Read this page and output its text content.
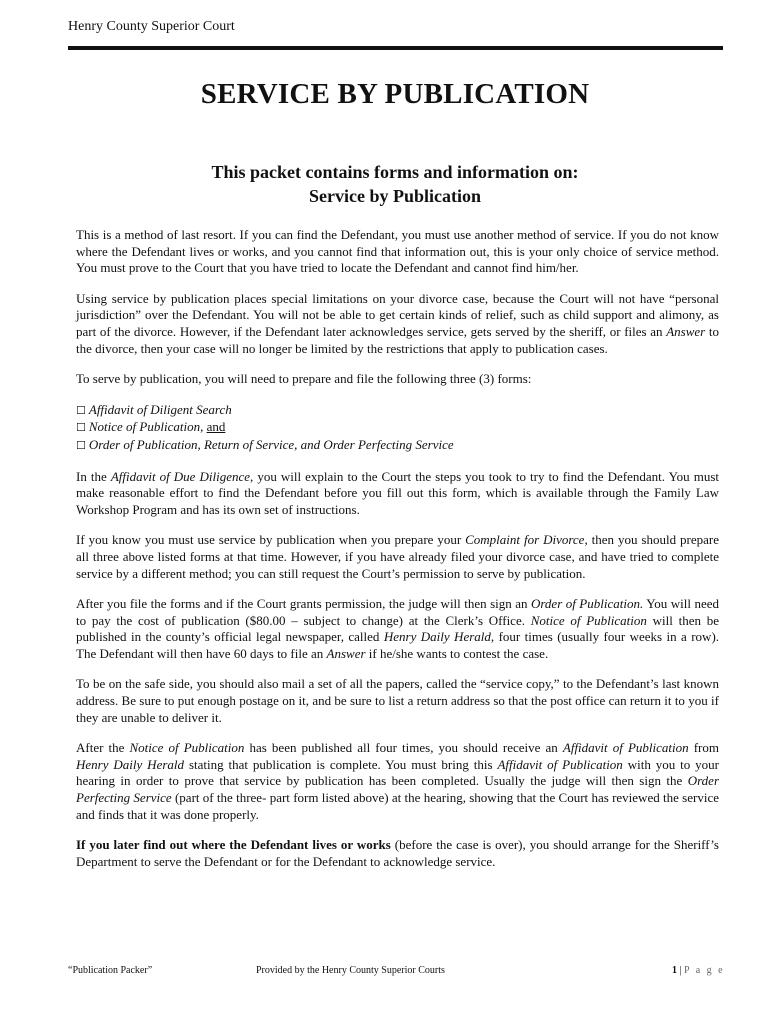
Henry County Superior Court
SERVICE BY PUBLICATION
This packet contains forms and information on:
Service by Publication

This is a method of last resort. If you can find the Defendant, you must use another method of service. If you do not know where the Defendant lives or works, and you cannot find that information out, this is your only choice of service method. You must prove to the Court that you have tried to locate the Defendant and cannot find him/her.

Using service by publication places special limitations on your divorce case, because the Court will not have “personal jurisdiction” over the Defendant. You will not be able to get certain kinds of relief, such as child support and alimony, as part of the divorce. However, if the Defendant later acknowledges service, gets served by the sheriff, or files an Answer to the divorce, then your case will no longer be limited by the restrictions that apply to publication cases.

To serve by publication, you will need to prepare and file the following three (3) forms:

☐ Affidavit of Diligent Search
☐ Notice of Publication, and
☐ Order of Publication, Return of Service, and Order Perfecting Service

In the Affidavit of Due Diligence, you will explain to the Court the steps you took to try to find the Defendant. You must make reasonable effort to find the Defendant before you fill out this form, which is available through the Family Law Workshop Program and has its own set of instructions.

If you know you must use service by publication when you prepare your Complaint for Divorce, then you should prepare all three above listed forms at that time. However, if you have already filed your divorce case, and have tried to complete service by a different method; you can still request the Court’s permission to serve by publication.

After you file the forms and if the Court grants permission, the judge will then sign an Order of Publication. You will need to pay the cost of publication ($80.00 – subject to change) at the Clerk’s Office. Notice of Publication will then be published in the county’s official legal newspaper, called Henry Daily Herald, four times (usually four weeks in a row). The Defendant will then have 60 days to file an Answer if he/she wants to contest the case.

To be on the safe side, you should also mail a set of all the papers, called the “service copy,” to the Defendant’s last known address. Be sure to put enough postage on it, and be sure to list a return address so that the post office can return it to you if they are unable to deliver it.

After the Notice of Publication has been published all four times, you should receive an Affidavit of Publication from Henry Daily Herald stating that publication is complete. You must bring this Affidavit of Publication with you to your hearing in order to prove that service by publication has been completed. Usually the judge will then sign the Order Perfecting Service (part of the three- part form listed above) at the hearing, showing that the Court has reviewed the service and finds that it was done properly.

If you later find out where the Defendant lives or works (before the case is over), you should arrange for the Sheriff’s Department to serve the Defendant or for the Defendant to acknowledge service.

“Publication Packer”	Provided by the Henry County Superior Courts	1 | P a g e
